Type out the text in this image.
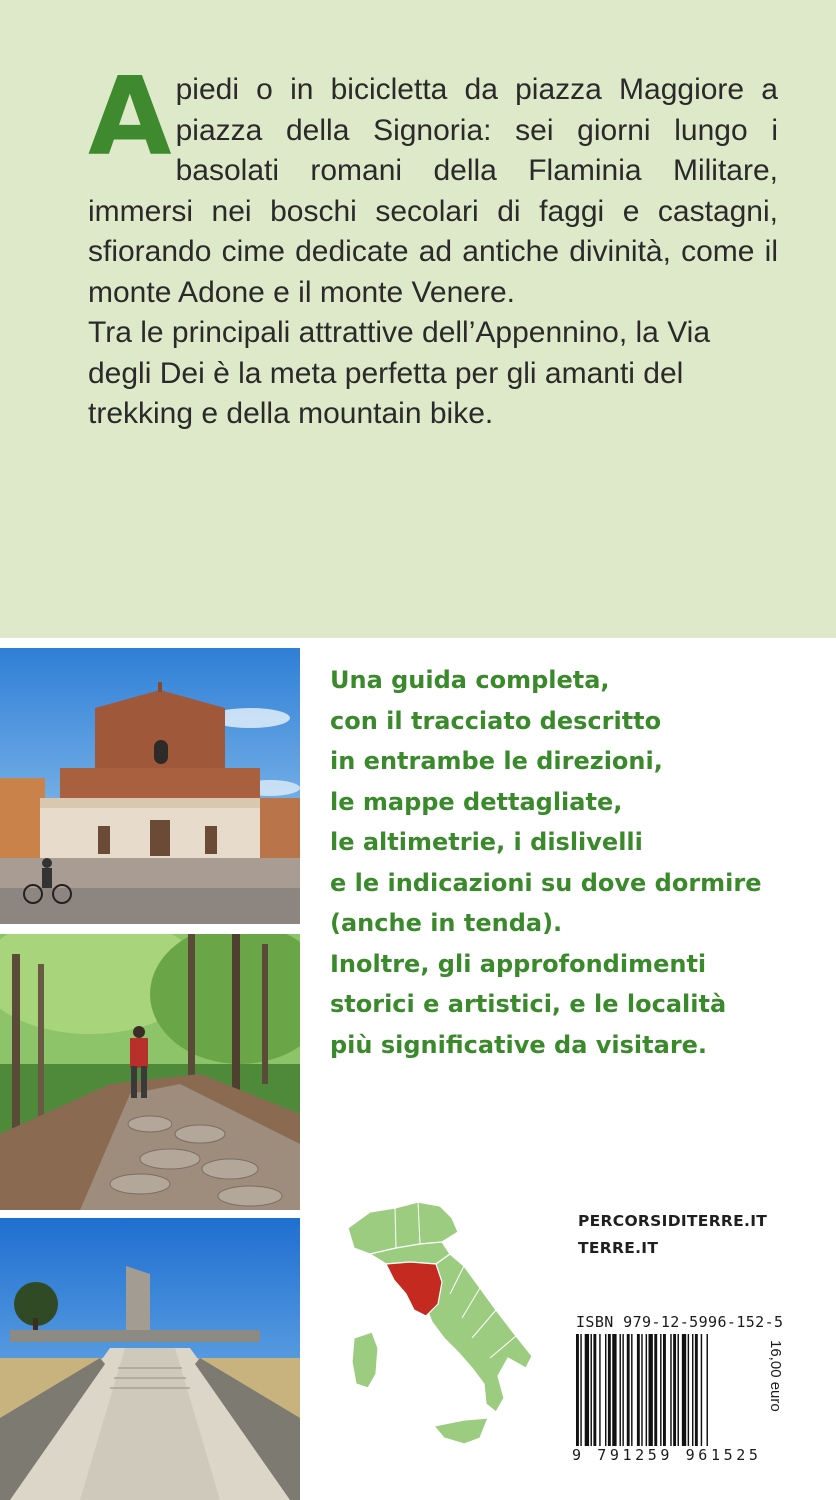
A piedi o in bicicletta da piazza Maggiore a piazza della Signoria: sei giorni lungo i basolati romani della Flaminia Militare, immersi nei boschi secolari di faggi e castagni, sfiorando cime dedicate ad antiche divinità, come il monte Adone e il monte Venere.

Tra le principali attrattive dell’Appennino, la Via degli Dei è la meta perfetta per gli amanti del trekking e della mountain bike.

Una guida completa,
con il tracciato descritto
in entrambe le direzioni,
le mappe dettagliate,
le altimetrie, i dislivelli
e le indicazioni su dove dormire
(anche in tenda).
Inoltre, gli approfondimenti
storici e artistici, e le località
più significative da visitare.
PERCORSIDITERRE.IT
TERRE.IT
ISBN 979-12-5996-152-5
9 791259 961525
16,00 euro
